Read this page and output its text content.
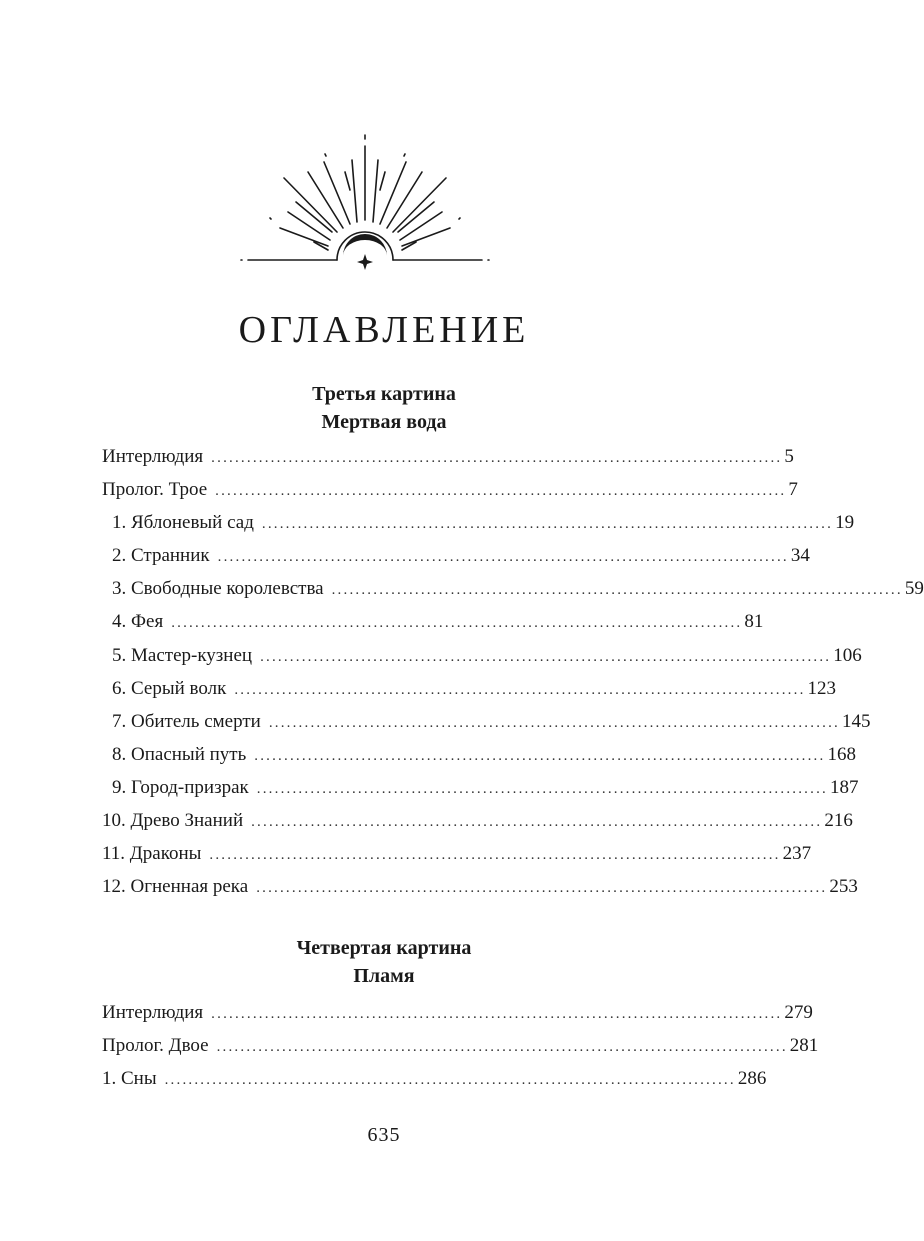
ОГЛАВЛЕНИЕ
Третья картина
Мертвая вода
Интерлюдия ................................................................................................ 5
Пролог. Трое ................................................................................................ 7
1. Яблоневый сад ................................................................................................ 19
2. Странник ................................................................................................ 34
3. Свободные королевства ................................................................................................ 59
4. Фея ................................................................................................ 81
5. Мастер-кузнец ................................................................................................ 106
6. Серый волк ................................................................................................ 123
7. Обитель смерти ................................................................................................ 145
8. Опасный путь ................................................................................................ 168
9. Город-призрак ................................................................................................ 187
10. Древо Знаний ................................................................................................ 216
11. Драконы ................................................................................................ 237
12. Огненная река ................................................................................................ 253
Четвертая картина
Пламя
Интерлюдия ................................................................................................ 279
Пролог. Двое ................................................................................................ 281
1. Сны ................................................................................................ 286
635
